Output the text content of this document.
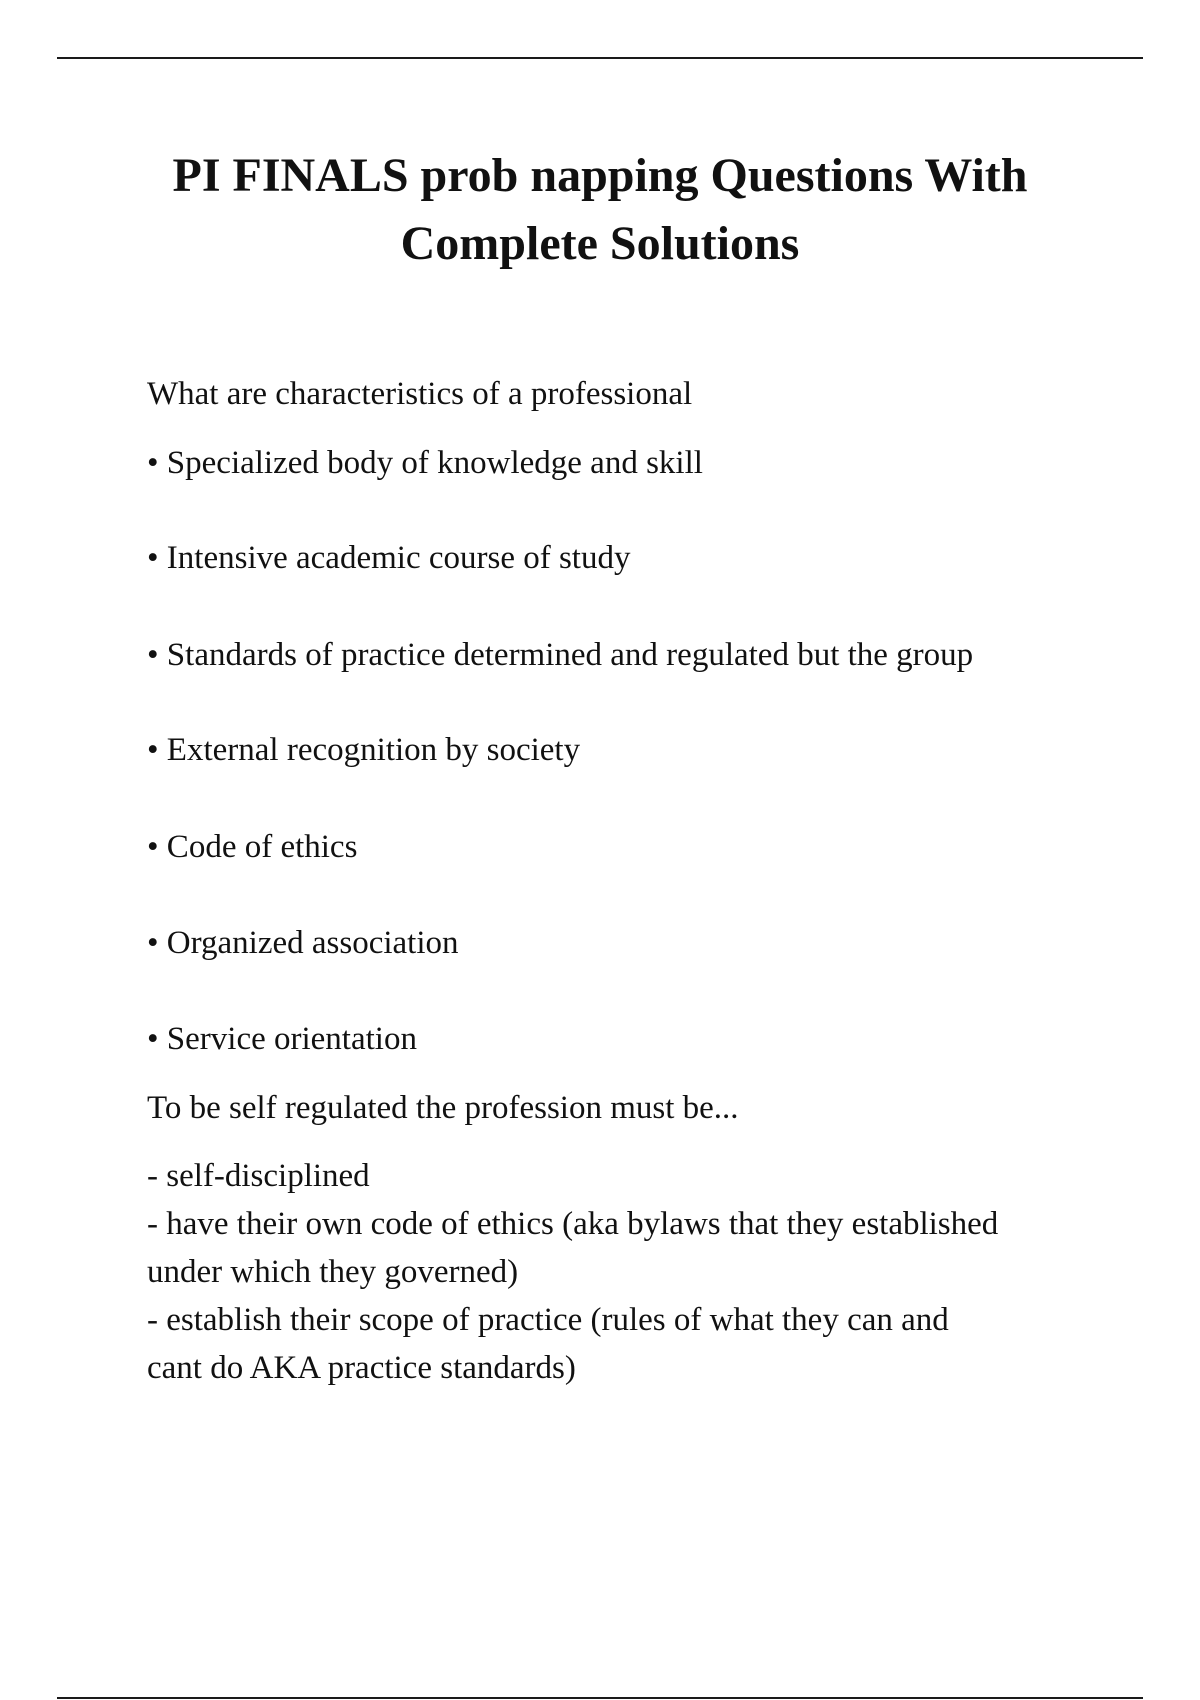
PI FINALS prob napping Questions With
Complete Solutions
What are characteristics of a professional
• Specialized body of knowledge and skill
• Intensive academic course of study
• Standards of practice determined and regulated but the group
• External recognition by society
• Code of ethics
• Organized association
• Service orientation
To be self regulated the profession must be...
- self-disciplined
- have their own code of ethics (aka bylaws that they established
under which they governed)
- establish their scope of practice (rules of what they can and
cant do AKA practice standards)
